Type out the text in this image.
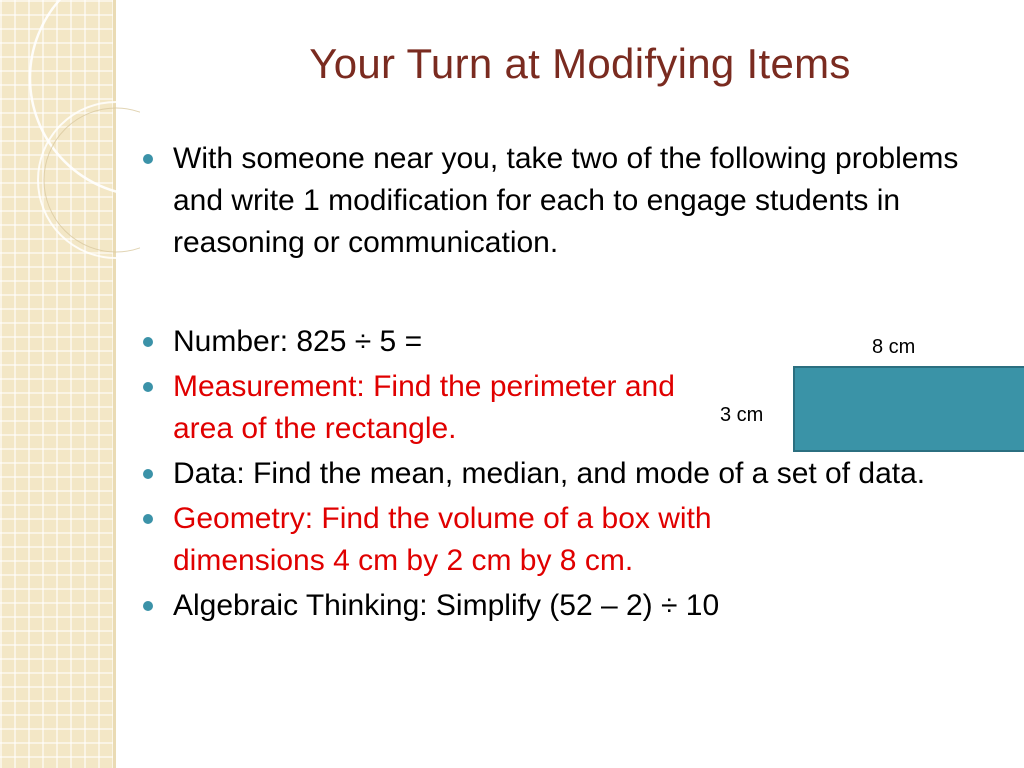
Your Turn at Modifying Items
With someone near you, take two of the following problems and write 1 modification for each to engage students in reasoning or communication.
Number: 825 ÷ 5 =
Measurement: Find the perimeter and area of the rectangle.
Data: Find the mean, median, and mode of a set of data.
Geometry: Find the volume of a box with dimensions 4 cm by 2 cm by 8 cm.
Algebraic Thinking: Simplify (52 – 2) ÷ 10
8 cm
3 cm
